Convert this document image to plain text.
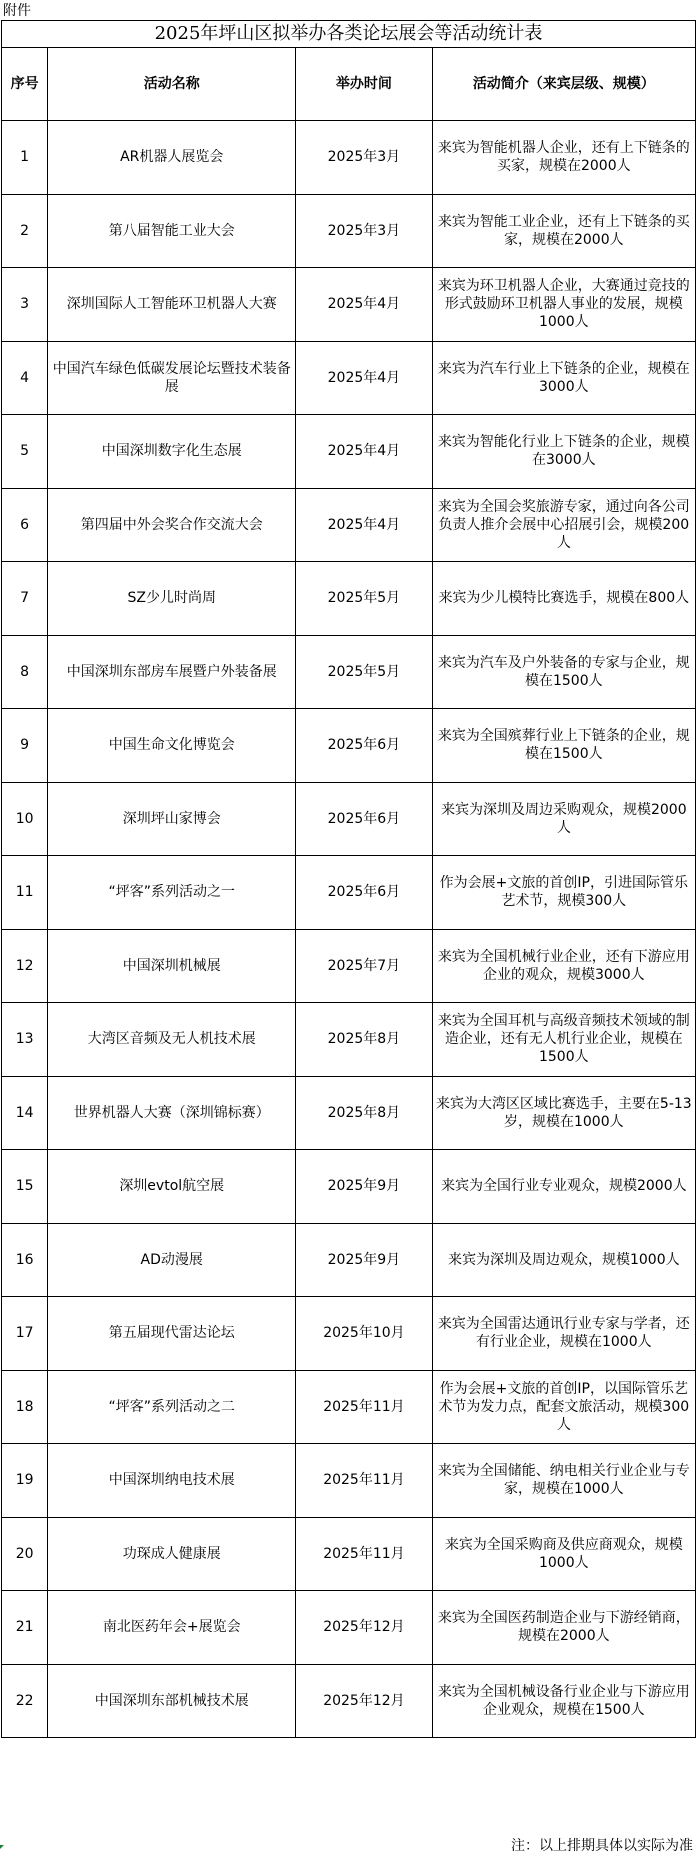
附件
2025年坪山区拟举办各类论坛展会等活动统计表			
序号	活动名称	举办时间	活动简介（来宾层级、规模）
1	AR机器人展览会	2025年3月	来宾为智能机器人企业，还有上下链条的买家，规模在2000人
2	第八届智能工业大会	2025年3月	来宾为智能工业企业，还有上下链条的买家，规模在2000人
3	深圳国际人工智能环卫机器人大赛	2025年4月	来宾为环卫机器人企业，大赛通过竞技的形式鼓励环卫机器人事业的发展，规模1000人
4	中国汽车绿色低碳发展论坛暨技术装备展	2025年4月	来宾为汽车行业上下链条的企业，规模在3000人
5	中国深圳数字化生态展	2025年4月	来宾为智能化行业上下链条的企业，规模在3000人
6	第四届中外会奖合作交流大会	2025年4月	来宾为全国会奖旅游专家，通过向各公司负责人推介会展中心招展引会，规模200人
7	SZ少儿时尚周	2025年5月	来宾为少儿模特比赛选手，规模在800人
8	中国深圳东部房车展暨户外装备展	2025年5月	来宾为汽车及户外装备的专家与企业，规模在1500人
9	中国生命文化博览会	2025年6月	来宾为全国殡葬行业上下链条的企业，规模在1500人
10	深圳坪山家博会	2025年6月	来宾为深圳及周边采购观众，规模2000人
11	“坪客”系列活动之一	2025年6月	作为会展+文旅的首创IP，引进国际管乐艺术节，规模300人
12	中国深圳机械展	2025年7月	来宾为全国机械行业企业，还有下游应用企业的观众，规模3000人
13	大湾区音频及无人机技术展	2025年8月	来宾为全国耳机与高级音频技术领域的制造企业，还有无人机行业企业，规模在1500人
14	世界机器人大赛（深圳锦标赛）	2025年8月	来宾为大湾区区域比赛选手，主要在5-13岁，规模在1000人
15	深圳evtol航空展	2025年9月	来宾为全国行业专业观众，规模2000人
16	AD动漫展	2025年9月	来宾为深圳及周边观众，规模1000人
17	第五届现代雷达论坛	2025年10月	来宾为全国雷达通讯行业专家与学者，还有行业企业，规模在1000人
18	“坪客”系列活动之二	2025年11月	作为会展+文旅的首创IP，以国际管乐艺术节为发力点，配套文旅活动，规模300人
19	中国深圳纳电技术展	2025年11月	来宾为全国储能、纳电相关行业企业与专家，规模在1000人
20	功琛成人健康展	2025年11月	来宾为全国采购商及供应商观众，规模1000人
21	南北医药年会+展览会	2025年12月	来宾为全国医药制造企业与下游经销商，规模在2000人
22	中国深圳东部机械技术展	2025年12月	来宾为全国机械设备行业企业与下游应用企业观众，规模在1500人
注：以上排期具体以实际为准
